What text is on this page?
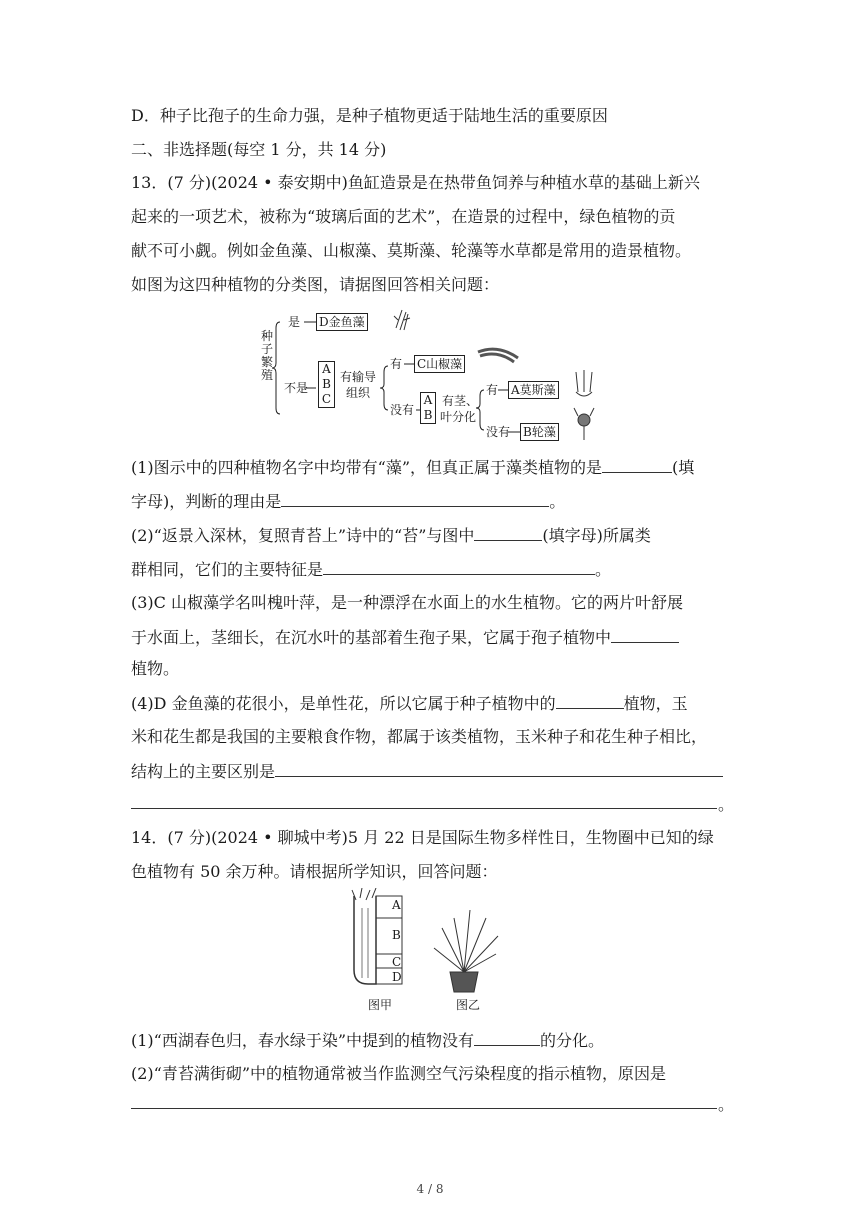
D．种子比孢子的生命力强，是种子植物更适于陆地生活的重要原因
二、非选择题(每空 1 分，共 14 分)
13．(7 分)(2024 • 泰安期中)鱼缸造景是在热带鱼饲养与种植水草的基础上新兴
起来的一项艺术，被称为“玻璃后面的艺术”，在造景的过程中，绿色植物的贡
献不可小觑。例如金鱼藻、山椒藻、莫斯藻、轮藻等水草都是常用的造景植物。
如图为这四种植物的分类图，请据图回答相关问题：
种子繁殖
是 D金鱼藻
不是
A
B
C
有输导
组织
有 C山椒藻
没有
A
B
有茎、
叶分化
有 A莫斯藻
没有 B轮藻
(1)图示中的四种植物名字中均带有“藻”，但真正属于藻类植物的是	(填
字母)，判断的理由是	。
(2)“返景入深林，复照青苔上”诗中的“苔”与图中	(填字母)所属类
群相同，它们的主要特征是	。
(3)C 山椒藻学名叫槐叶萍，是一种漂浮在水面上的水生植物。它的两片叶舒展
于水面上，茎细长，在沉水叶的基部着生孢子果，它属于孢子植物中
植物。
(4)D 金鱼藻的花很小，是单性花，所以它属于种子植物中的	植物，玉
米和花生都是我国的主要粮食作物，都属于该类植物，玉米种子和花生种子相比，
结构上的主要区别是
。
14．(7 分)(2024 • 聊城中考)5 月 22 日是国际生物多样性日，生物圈中已知的绿
色植物有 50 余万种。请根据所学知识，回答问题：
A
B
C
D
图甲	图乙
(1)“西湖春色归，春水绿于染”中提到的植物没有	的分化。
(2)“青苔满街砌”中的植物通常被当作监测空气污染程度的指示植物，原因是
。
4 / 8
